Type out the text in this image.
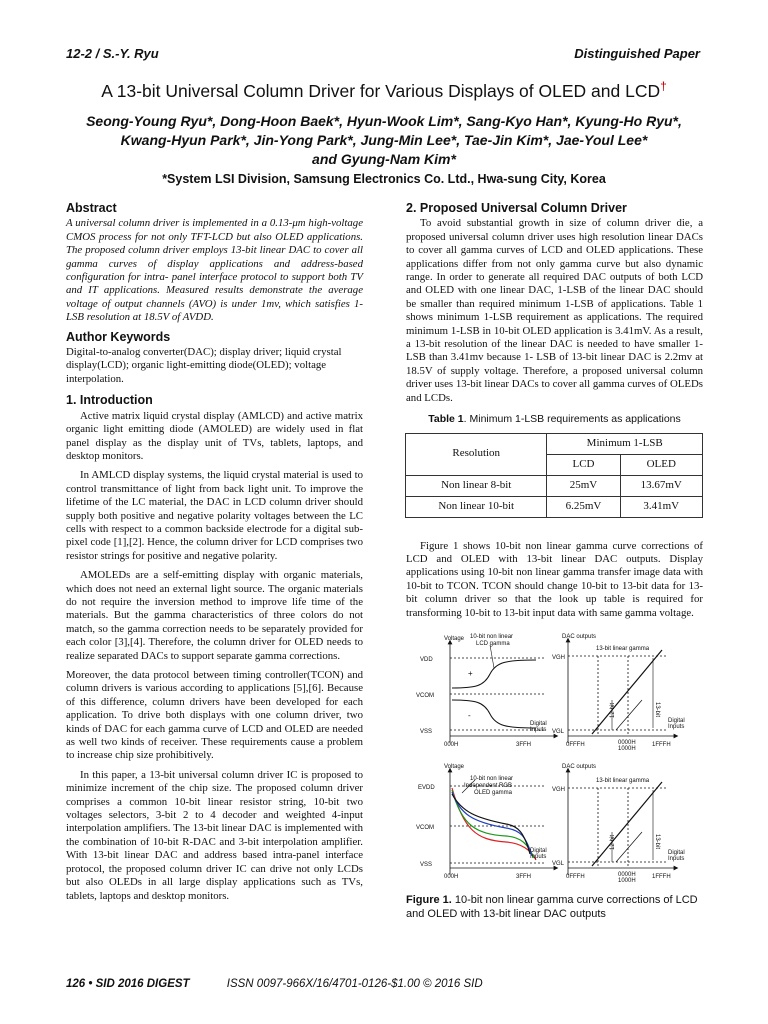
12-2 / S.-Y. Ryu	Distinguished Paper
A 13-bit Universal Column Driver for Various Displays of OLED and LCD†
Seong-Young Ryu*, Dong-Hoon Baek*, Hyun-Wook Lim*, Sang-Kyo Han*, Kyung-Ho Ryu*,
Kwang-Hyun Park*, Jin-Yong Park*, Jung-Min Lee*, Tae-Jin Kim*, Jae-Youl Lee*
and Gyung-Nam Kim*
*System LSI Division, Samsung Electronics Co. Ltd., Hwa-sung City, Korea
Abstract

A universal column driver is implemented in a 0.13-μm high-voltage CMOS process for not only TFT-LCD but also OLED applications. The proposed column driver employs 13-bit linear DAC to cover all gamma curves of display applications and address-based configuration for intra- panel interface protocol to support both TV and IT applications. Measured results demonstrate the average voltage of output channels (AVO) is under 1mv, which satisfies 1-LSB resolution at 18.5V of AVDD.

Author Keywords

Digital-to-analog converter(DAC); display driver; liquid crystal display(LCD); organic light-emitting diode(OLED); voltage interpolation.

1. Introduction

Active matrix liquid crystal display (AMLCD) and active matrix organic light emitting diode (AMOLED) are widely used in flat panel display as the display unit of TVs, tablets, laptops, and desktop monitors.

In AMLCD display systems, the liquid crystal material is used to control transmittance of light from back light unit. To improve the lifetime of the LC material, the DAC in LCD column driver should supply both positive and negative polarity voltages between the LC cells with respect to a common backside electrode for a digital sub-pixel code [1],[2]. Hence, the column driver for LCD comprises two resistor strings for positive and negative polarity.

AMOLEDs are a self-emitting display with organic materials, which does not need an external light source. The organic materials do not require the inversion method to improve life time of the materials. But the gamma characteristics of three colors do not match, so the gamma correction needs to be separately provided for each color [3],[4]. Therefore, the column driver for OLED needs to realize separated DACs to support separate gamma corrections.

Moreover, the data protocol between timing controller(TCON) and column drivers is various according to applications [5],[6]. Because of this difference, column drivers have been developed for each application. To drive both displays with one column driver, two kinds of DAC for each gamma curve of LCD and OLED are needed as well two kinds of receiver. These requirements cause a problem to increase chip size prohibitively.

In this paper, a 13-bit universal column driver IC is proposed to minimize increment of the chip size. The proposed column driver comprises a common 10-bit linear resistor string, 10-bit two voltages selectors, 3-bit 2 to 4 decoder and weighted 4-input interpolation amplifiers. The 13-bit linear DAC is implemented with the combination of 10-bit R-DAC and 3-bit interpolation amplifier. With 13-bit linear DAC and address based intra-panel interface protocol, the proposed column driver IC can drive not only LCDs but also OLEDs in all large display applications such as TVs, tablets, laptops and desktop monitors.

2. Proposed Universal Column Driver

To avoid substantial growth in size of column driver die, a proposed universal column driver uses high resolution linear DACs to cover all gamma curves of LCD and OLED applications. These applications differ from not only gamma curve but also dynamic range. In order to generate all required DAC outputs of both LCD and OLED with one linear DAC, 1-LSB of the linear DAC should be smaller than required minimum 1-LSB of applications. Table 1 shows minimum 1-LSB requirement as applications. The required minimum 1-LSB in 10-bit OLED application is 3.41mV. As a result, a 13-bit resolution of the linear DAC is needed to have smaller 1-LSB than 3.41mv because 1- LSB of 13-bit linear DAC is 2.2mv at 18.5V of supply voltage. Therefore, a proposed universal column driver uses 13-bit linear DACs to cover all gamma curves of OLEDs and LCDs.

Table 1. Minimum 1-LSB requirements as applications
Resolution	Minimum 1-LSB	
	LCD	OLED
Non linear 8-bit	25mV	13.67mV
Non linear 10-bit	6.25mV	3.41mV

Figure 1 shows 10-bit non linear gamma curve corrections of LCD and OLED with 13-bit linear DAC outputs. Display applications using 10-bit non linear gamma transfer image data with 10-bit to TCON. TCON should change 10-bit to 13-bit data for 13-bit column driver so that the look up table is required for transforming 10-bit to 13-bit input data with same gamma voltage.

Voltage
VDD
VCOM
VSS
10-bit non linear
LCD gamma
+
-
000H	3FFH
Digital
Inputs
DAC outputs
VGH
VGL
13-bit linear gamma
13-bit
12-bit
0FFFH	0000H
1000H
1FFFH
Digital
Inputs
Voltage
EVDD
VCOM
VSS
10-bit non linear
Independent RGB
OLED gamma
000H	3FFH
Digital
Inputs
DAC outputs
VGH
VGL
13-bit linear gamma
13-bit
12-bit
0FFFH	0000H
1000H
1FFFH
Digital
Inputs
Figure 1. 10-bit non linear gamma curve corrections of LCD and OLED with 13-bit linear DAC outputs
126 • SID 2016 DIGEST	ISSN 0097-966X/16/4701-0126-$1.00 © 2016 SID
